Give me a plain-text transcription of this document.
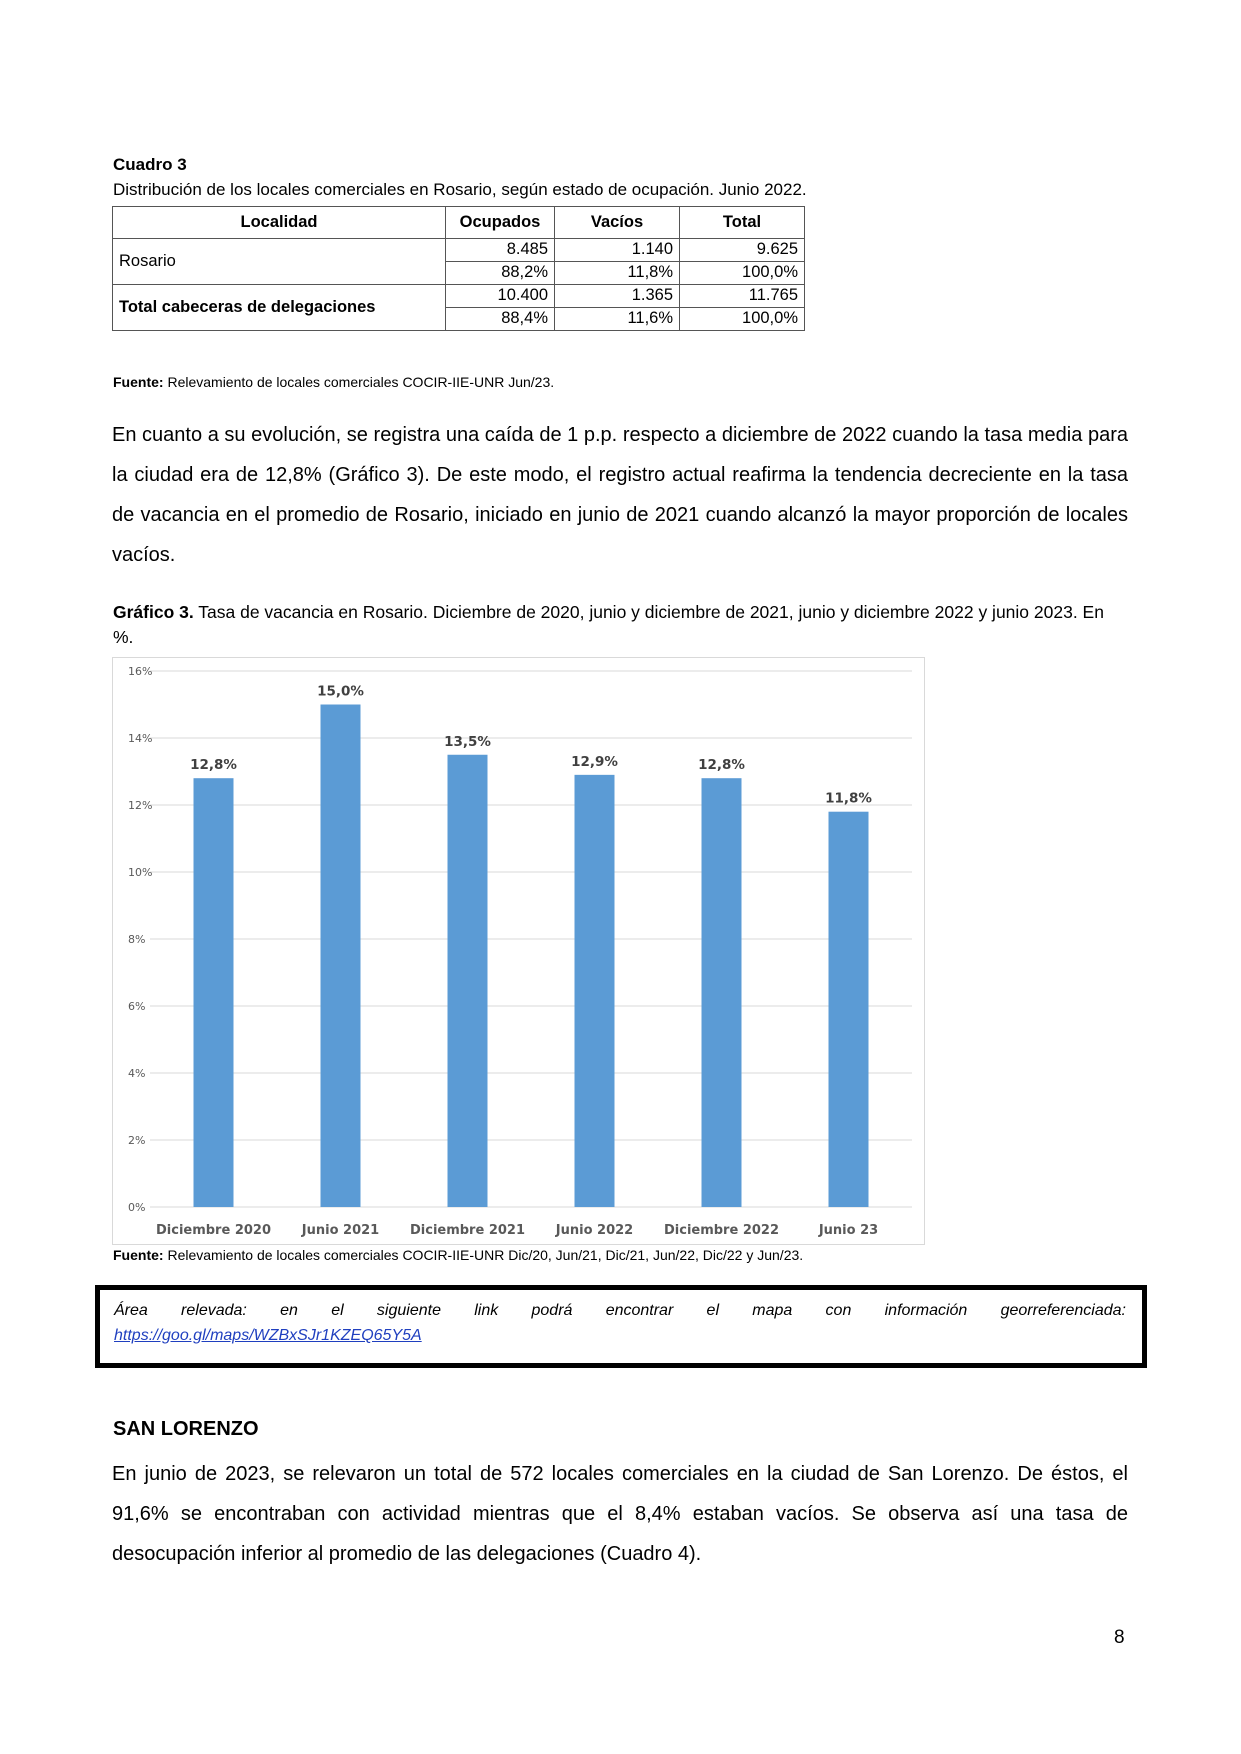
Cuadro 3
Distribución de los locales comerciales en Rosario, según estado de ocupación. Junio 2022.
Localidad	Ocupados	Vacíos	Total
Rosario	8.485	1.140	9.625
	88,2%	11,8%	100,0%
Total cabeceras de delegaciones	10.400	1.365	11.765
	88,4%	11,6%	100,0%
Fuente: Relevamiento de locales comerciales COCIR-IIE-UNR Jun/23.
En cuanto a su evolución, se registra una caída de 1 p.p. respecto a diciembre de 2022 cuando la tasa media para la ciudad era de 12,8% (Gráfico 3). De este modo, el registro actual reafirma la tendencia decreciente en la tasa de vacancia en el promedio de Rosario, iniciado en junio de 2021 cuando alcanzó la mayor proporción de locales vacíos.
Gráfico 3. Tasa de vacancia en Rosario. Diciembre de 2020, junio y diciembre de 2021, junio y diciembre 2022 y junio 2023. En %.
0%
2%
4%
6%
8%
10%
12%
14%
16%
12,8%
15,0%
13,5%
12,9%	12,8%
11,8%
Diciembre 2020 Junio 2021 Diciembre 2021 Junio 2022 Diciembre 2022	Junio 23
Fuente: Relevamiento de locales comerciales COCIR-IIE-UNR Dic/20, Jun/21, Dic/21, Jun/22, Dic/22 y Jun/23.
Área relevada: en el siguiente link podrá encontrar el mapa con información georreferenciada:
https://goo.gl/maps/WZBxSJr1KZEQ65Y5A
SAN LORENZO
En junio de 2023, se relevaron un total de 572 locales comerciales en la ciudad de San Lorenzo. De éstos, el 91,6% se encontraban con actividad mientras que el 8,4% estaban vacíos. Se observa así una tasa de desocupación inferior al promedio de las delegaciones (Cuadro 4).
8
